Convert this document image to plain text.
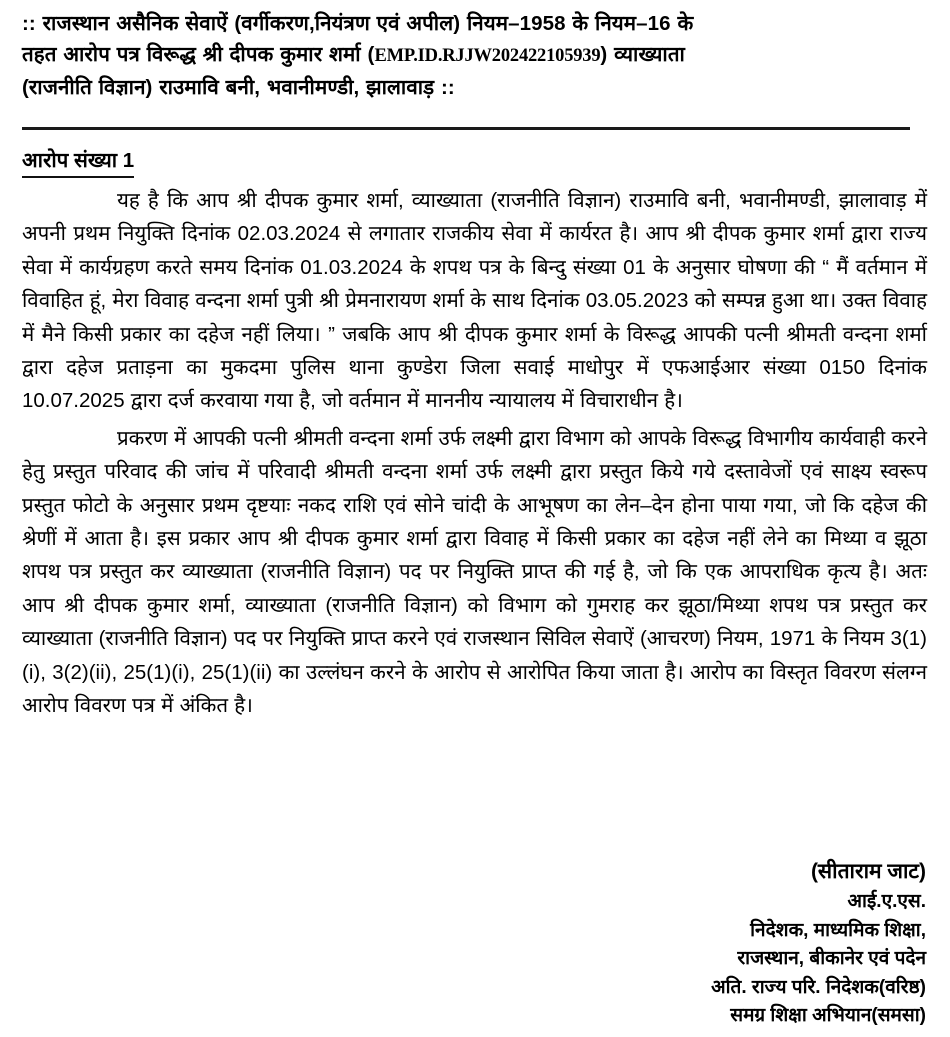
:: राजस्थान असैनिक सेवाऐं (वर्गीकरण,नियंत्रण एवं अपील) नियम–1958 के नियम–16 के
तहत आरोप पत्र विरूद्ध श्री दीपक कुमार शर्मा (EMP.ID.RJJW202422105939) व्याख्याता
(राजनीति विज्ञान) राउमावि बनी, भवानीमण्डी, झालावाड़ ::
आरोप संख्या 1

यह है कि आप श्री दीपक कुमार शर्मा, व्याख्याता (राजनीति विज्ञान) राउमावि बनी, भवानीमण्डी, झालावाड़ में अपनी प्रथम नियुक्ति दिनांक 02.03.2024 से लगातार राजकीय सेवा में कार्यरत है। आप श्री दीपक कुमार शर्मा द्वारा राज्य सेवा में कार्यग्रहण करते समय दिनांक 01.03.2024 के शपथ पत्र के बिन्दु संख्या 01 के अनुसार घोषणा की “ मैं वर्तमान में विवाहित हूं, मेरा विवाह वन्दना शर्मा पुत्री श्री प्रेमनारायण शर्मा के साथ दिनांक 03.05.2023 को सम्पन्न हुआ था। उक्त विवाह में मैने किसी प्रकार का दहेज नहीं लिया। ” जबकि आप श्री दीपक कुमार शर्मा के विरूद्ध आपकी पत्नी श्रीमती वन्दना शर्मा द्वारा दहेज प्रताड़ना का मुकदमा पुलिस थाना कुण्डेरा जिला सवाई माधोपुर में एफआईआर संख्या 0150 दिनांक 10.07.2025 द्वारा दर्ज करवाया गया है, जो वर्तमान में माननीय न्यायालय में विचाराधीन है।

प्रकरण में आपकी पत्नी श्रीमती वन्दना शर्मा उर्फ लक्ष्मी द्वारा विभाग को आपके विरूद्ध विभागीय कार्यवाही करने हेतु प्रस्तुत परिवाद की जांच में परिवादी श्रीमती वन्दना शर्मा उर्फ लक्ष्मी द्वारा प्रस्तुत किये गये दस्तावेजों एवं साक्ष्य स्वरूप प्रस्तुत फोटो के अनुसार प्रथम दृष्टयाः नकद राशि एवं सोने चांदी के आभूषण का लेन–देन होना पाया गया, जो कि दहेज की श्रेणीं में आता है। इस प्रकार आप श्री दीपक कुमार शर्मा द्वारा विवाह में किसी प्रकार का दहेज नहीं लेने का मिथ्या व झूठा शपथ पत्र प्रस्तुत कर व्याख्याता (राजनीति विज्ञान) पद पर नियुक्ति प्राप्त की गई है, जो कि एक आपराधिक कृत्य है। अतः आप श्री दीपक कुमार शर्मा, व्याख्याता (राजनीति विज्ञान) को विभाग को गुमराह कर झूठा/मिथ्या शपथ पत्र प्रस्तुत कर व्याख्याता (राजनीति विज्ञान) पद पर नियुक्ति प्राप्त करने एवं राजस्थान सिविल सेवाऐं (आचरण) नियम, 1971 के नियम 3(1)(i), 3(2)(ii), 25(1)(i), 25(1)(ii) का उल्लंघन करने के आरोप से आरोपित किया जाता है। आरोप का विस्तृत विवरण संलग्न आरोप विवरण पत्र में अंकित है।

(सीताराम जाट)
आई.ए.एस.
निदेशक, माध्यमिक शिक्षा,
राजस्थान, बीकानेर एवं पदेन
अति. राज्य परि. निदेशक(वरिष्ठ)
समग्र शिक्षा अभियान(समसा)
